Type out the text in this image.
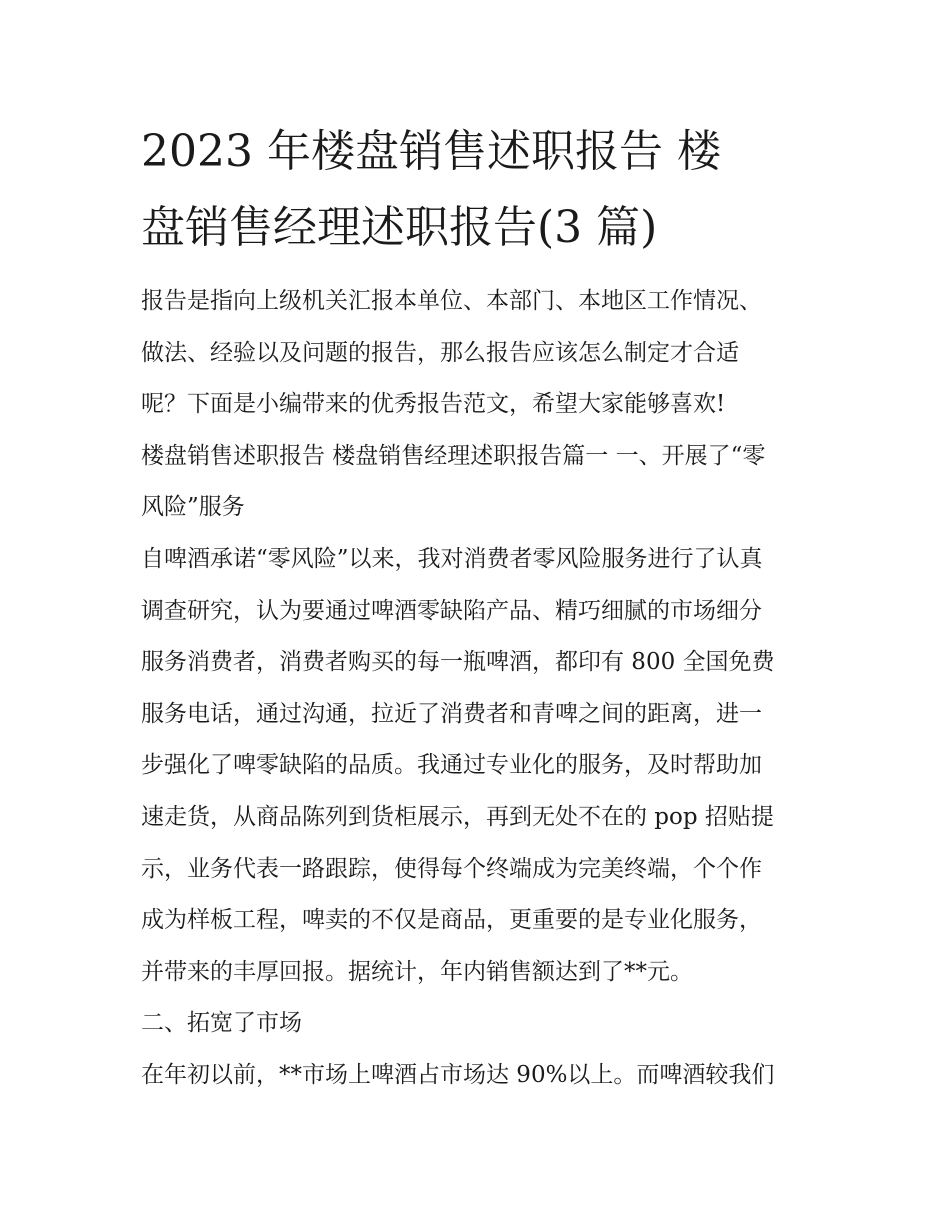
2023 年楼盘销售述职报告 楼
盘销售经理述职报告(3 篇)

报告是指向上级机关汇报本单位、本部门、本地区工作情况、

做法、经验以及问题的报告，那么报告应该怎么制定才合适

呢？下面是小编带来的优秀报告范文，希望大家能够喜欢!

楼盘销售述职报告 楼盘销售经理述职报告篇一 一、开展了“零

风险”服务

自啤酒承诺“零风险”以来，我对消费者零风险服务进行了认真

调查研究，认为要通过啤酒零缺陷产品、精巧细腻的市场细分

服务消费者，消费者购买的每一瓶啤酒，都印有 800 全国免费

服务电话，通过沟通，拉近了消费者和青啤之间的距离，进一

步强化了啤零缺陷的品质。我通过专业化的服务，及时帮助加

速走货，从商品陈列到货柜展示，再到无处不在的 pop 招贴提

示，业务代表一路跟踪，使得每个终端成为完美终端，个个作

成为样板工程，啤卖的不仅是商品，更重要的是专业化服务，

并带来的丰厚回报。据统计，年内销售额达到了**元。

二、拓宽了市场

在年初以前，**市场上啤酒占市场达 90%以上。而啤酒较我们
